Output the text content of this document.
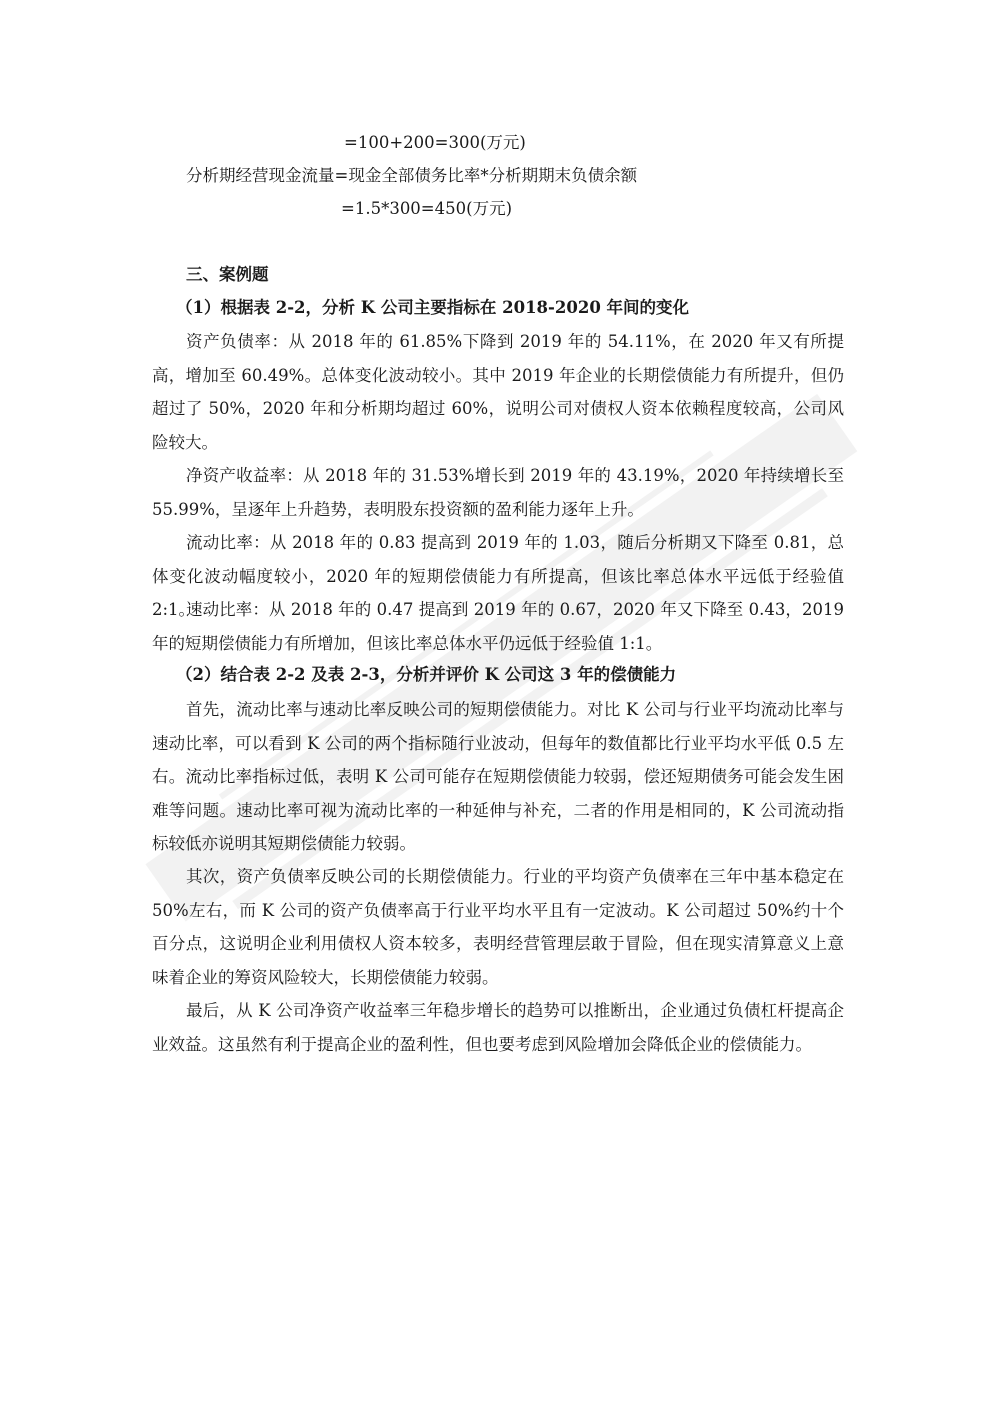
=100+200=300(万元)
分析期经营现金流量=现金全部债务比率*分析期期末负债余额
=1.5*300=450(万元)
三、案例题
（1）根据表 2-2，分析 K 公司主要指标在 2018-2020 年间的变化

资产负债率：从 2018 年的 61.85%下降到 2019 年的 54.11%，在 2020 年又有所提高，增加至 60.49%。总体变化波动较小。其中 2019 年企业的长期偿债能力有所提升，但仍超过了 50%，2020 年和分析期均超过 60%，说明公司对债权人资本依赖程度较高，公司风险较大。

净资产收益率：从 2018 年的 31.53%增长到 2019 年的 43.19%，2020 年持续增长至 55.99%，呈逐年上升趋势，表明股东投资额的盈利能力逐年上升。

流动比率：从 2018 年的 0.83 提高到 2019 年的 1.03，随后分析期又下降至 0.81，总体变化波动幅度较小，2020 年的短期偿债能力有所提高，但该比率总体水平远低于经验值 2:1。

速动比率：从 2018 年的 0.47 提高到 2019 年的 0.67，2020 年又下降至 0.43，2019 年的短期偿债能力有所增加，但该比率总体水平仍远低于经验值 1:1。

（2）结合表 2-2 及表 2-3，分析并评价 K 公司这 3 年的偿债能力

首先，流动比率与速动比率反映公司的短期偿债能力。对比 K 公司与行业平均流动比率与速动比率，可以看到 K 公司的两个指标随行业波动，但每年的数值都比行业平均水平低 0.5 左右。流动比率指标过低，表明 K 公司可能存在短期偿债能力较弱，偿还短期债务可能会发生困难等问题。速动比率可视为流动比率的一种延伸与补充，二者的作用是相同的，K 公司流动指标较低亦说明其短期偿债能力较弱。

其次，资产负债率反映公司的长期偿债能力。行业的平均资产负债率在三年中基本稳定在 50%左右，而 K 公司的资产负债率高于行业平均水平且有一定波动。K 公司超过 50%约十个百分点，这说明企业利用债权人资本较多，表明经营管理层敢于冒险，但在现实清算意义上意味着企业的筹资风险较大，长期偿债能力较弱。

最后，从 K 公司净资产收益率三年稳步增长的趋势可以推断出，企业通过负债杠杆提高企业效益。这虽然有利于提高企业的盈利性，但也要考虑到风险增加会降低企业的偿债能力。
